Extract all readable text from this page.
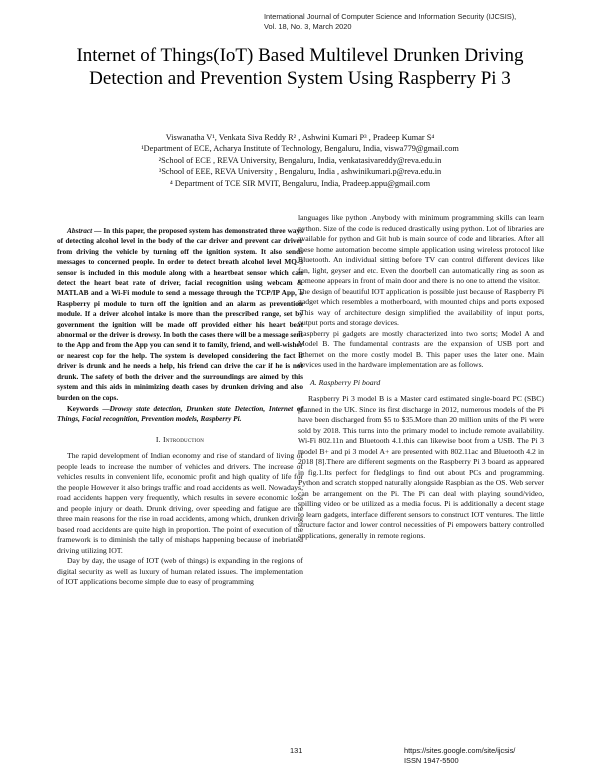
International Journal of Computer Science and Information Security (IJCSIS),
Vol. 18, No. 3, March 2020
Internet of Things(IoT) Based Multilevel Drunken Driving Detection and Prevention System Using Raspberry Pi 3
Viswanatha V¹, Venkata Siva Reddy R² , Ashwini Kumari P³ , Pradeep Kumar S⁴
¹Department of ECE, Acharya Institute of Technology, Bengaluru, India, viswa779@gmail.com
²School of ECE , REVA University, Bengaluru, India, venkatasivareddy@reva.edu.in
³School of EEE, REVA University , Bengaluru, India , ashwinikumari.p@reva.edu.in
⁴ Department of TCE SIR MVIT, Bengaluru, India, Pradeep.appu@gmail.com

Abstract — In this paper, the proposed system has demonstrated three ways of detecting alcohol level in the body of the car driver and prevent car driver from driving the vehicle by turning off the ignition system. It also sends messages to concerned people. In order to detect breath alcohol level MQ-3 sensor is included in this module along with a heartbeat sensor which can detect the heart beat rate of driver, facial recognition using webcam & MATLAB and a Wi-Fi module to send a message through the TCP/IP App, a Raspberry pi module to turn off the ignition and an alarm as prevention module. If a driver alcohol intake is more than the prescribed range, set by government the ignition will be made off provided either his heart beat abnormal or the driver is drowsy. In both the cases there will be a message sent to the App and from the App you can send it to family, friend, and well-wisher or nearest cop for the help. The system is developed considering the fact if driver is drunk and he needs a help, his friend can drive the car if he is not drunk. The safety of both the driver and the surroundings are aimed by this system and this aids in minimizing death cases by drunken driving and also burden on the cops.

Keywords —Drowsy state detection, Drunken state Detection, Internet of Things, Facial recognition, Prevention models, Raspberry Pi.

I. Introduction

The rapid development of Indian economy and rise of standard of living of people leads to increase the number of vehicles and drivers. The increase of vehicles results in convenient life, economic profit and high quality of life for the people However it also brings traffic and road accidents as well. Nowadays, road accidents happen very frequently, which results in severe economic loss and people injury or death. Drunk driving, over speeding and fatigue are the three main reasons for the rise in road accidents, among which, drunken driving based road accidents are quite high in proportion. The point of execution of the framework is to diminish the tally of mishaps happening because of inebriated driving utilizing IOT.

Day by day, the usage of IOT (web of things) is expanding in the regions of digital security as well as luxury of human related issues. The implementation of IOT applications become simple due to easy of programming

languages like python .Anybody with minimum programming skills can learn python. Size of the code is reduced drastically using python. Lot of libraries are available for python and Git hub is main source of code and libraries. After all these home automation become simple application using wireless protocol like Bluetooth. An individual sitting before TV can control different devices like fan, light, geyser and etc. Even the doorbell can automatically ring as soon as someone appears in front of main door and there is no one to attend the visitor.

The design of beautiful IOT application is possible just because of Raspberry Pi gadget which resembles a motherboard, with mounted chips and ports exposed .This way of architecture design simplified the availability of input ports, output ports and storage devices.

Raspberry pi gadgets are mostly characterized into two sorts; Model A and Model B. The fundamental contrasts are the expansion of USB port and Ethernet on the more costly model B. This paper uses the later one. Main devices used in the hardware implementation are as follows.

A. Raspberry Pi board

Raspberry Pi 3 model B is a Master card estimated single-board PC (SBC) planned in the UK. Since its first discharge in 2012, numerous models of the Pi have been discharged from $5 to $35.More than 20 million units of the Pi were sold by 2018. This turns into the primary model to include remote availability. Wi-Fi 802.11n and Bluetooth 4.1.this can likewise boot from a USB. The Pi 3 model B+ and pi 3 model A+ are presented with 802.11ac and Bluetooth 4.2 in 2018 [8].There are different segments on the Raspberry Pi 3 board as appeared in fig.1.Its perfect for fledglings to find out about PCs and programming. Python and scratch stopped naturally alongside Raspbian as the OS. Web server can be arrangement on the Pi. The Pi can deal with playing sound/video, spilling video or be utilized as a media focus. Pi is additionally a decent stage to learn gadgets, interface different sensors to construct IOT ventures. The little structure factor and lower control necessities of Pi empowers battery controlled applications, generally in remote regions.

131	https://sites.google.com/site/ijcsis/
ISSN 1947-5500
